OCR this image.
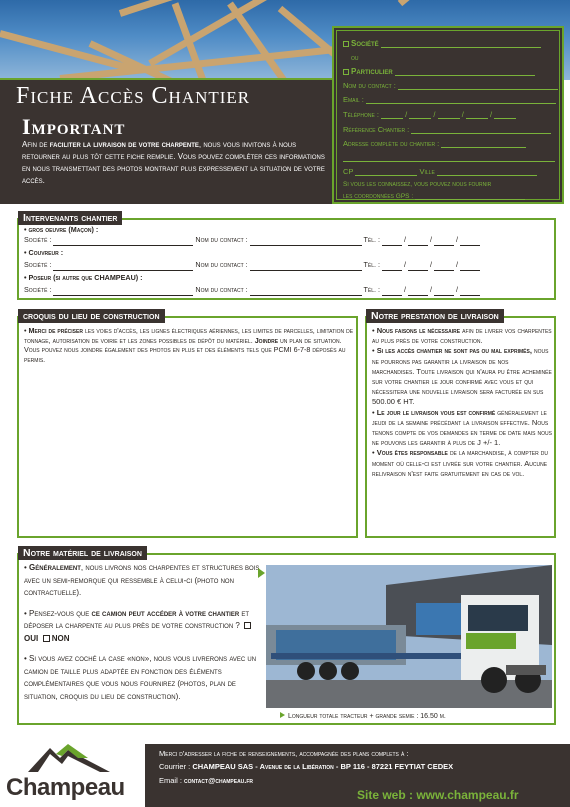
Fiche Accès Chantier
Important

Afin de faciliter la livraison de votre charpente, nous vous invitons à nous retourner au plus tôt cette fiche remplie. Vous pouvez compléter ces informations en nous transmettant des photos montrant plus expressement la situation de votre accès.

Société
ou
Particulier
Nom du contact :
Email :
Téléphone :	/	/	/	/
Référence Chantier :
Adresse complète du chantier :
CP	Ville
Si vous les connaissez, vous pouvez nous fournir
les coordonnées GPS :
Intervenants chantier
• gros oeuvre (Maçon) :
Société :	Nom du contact :	Tél. :	/	/	/
• Couvreur :
Société :	Nom du contact :	Tél. :	/	/	/
• Poseur (si autre que CHAMPEAU) :
Société :	Nom du contact :	Tél. :	/	/	/
croquis du lieu de construction
• Merci de préciser les voies d'accès, les lignes électriques aériennes, les limites de parcelles, limitation de tonnage, autorisation de voirie et les zones possibles de dépôt du matériel. Joindre un plan de situation. Vous pouvez nous joindre également des photos en plus et des éléments tels que PCMI 6-7-8 déposés au permis.
Notre prestation de livraison
• Nous faisons le nécessaire afin de livrer vos charpentes au plus près de votre construction.
• Si les accès chantier ne sont pas ou mal exprimés, nous ne pourrons pas garantir la livraison de nos marchandises. Toute livraison qui n'aura pu être acheminée sur votre chantier le jour confirmé avec vous et qui nécessitera une nouvelle livraison sera facturée en sus 500.00 € HT.
• Le jour le livraison vous est confirmé généralement le jeudi de la semaine précédant la livraison effective. Nous tenons compte de vos demandes en terme de date mais nous ne pouvons les garantir à plus de J +/- 1.
• Vous êtes responsable de la marchandise, à compter du moment où celle-ci est livrée sur votre chantier. Aucune relivraison n'est faite gratuitement en cas de vol.
Notre matériel de livraison
• Généralement, nous livrons nos charpentes et structures bois avec un semi-remorque qui ressemble à celui-ci (photo non contractuelle).
• Pensez-vous que ce camion peut accéder à votre chantier et déposer la charpente au plus près de votre construction ?  OUI NON
• Si vous avez coché la case «non», nous vous livrerons avec un camion de taille plus adaptée en fonction des éléments complémentaires que vous nous fournirez (photos, plan de situation, croquis du lieu de construction).
Longueur totale tracteur + grande semie : 16.50 m.
Champeau
Merci d'adresser la fiche de renseignements, accompagnée des plans complets à :
Courrier : CHAMPEAU SAS - Avenue de la Libération - BP 116 - 87221 FEYTIAT CEDEX
Email : contact@champeau.fr
Site web : www.champeau.fr
